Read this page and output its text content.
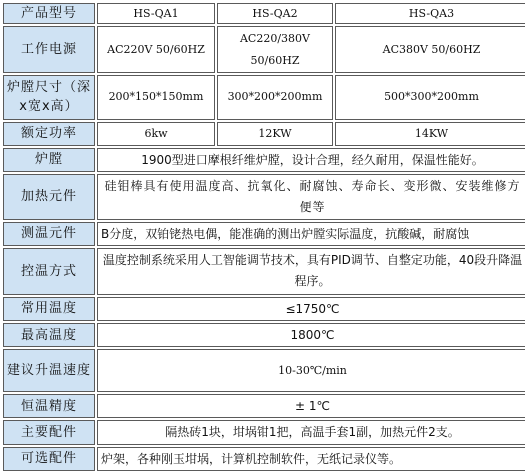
产品型号	HS-QA1	HS-QA2	HS-QA3
工作电源	AC220V 50/60HZ	AC220/380V 50/60HZ	AC380V 50/60HZ
炉膛尺寸（深x宽x高）	200*150*150mm	300*200*200mm	500*300*200mm
额定功率	6kw	12KW	14KW
炉膛	1900型进口摩根纤维炉膛，设计合理，经久耐用，保温性能好。		
加热元件	硅钼棒具有使用温度高、抗氧化、耐腐蚀、寿命长、变形微、安装维修方便等		
测温元件	B分度，双铂铑热电偶，能准确的测出炉膛实际温度，抗酸碱，耐腐蚀		
控温方式	温度控制系统采用人工智能调节技术，具有PID调节、自整定功能，40段升降温程序。		
常用温度	≤1750℃		
最高温度	1800℃		
建议升温速度	10-30℃/min		
恒温精度	± 1℃		
主要配件	隔热砖1块，坩埚钳1把，高温手套1副，加热元件2支。		
可选配件	炉架，各种刚玉坩埚，计算机控制软件，无纸记录仪等。		
